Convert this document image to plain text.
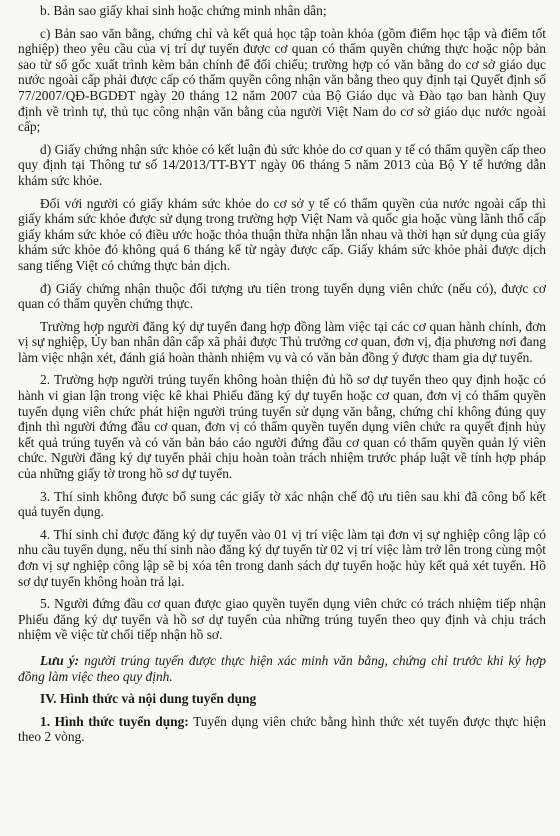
b. Bản sao giấy khai sinh hoặc chứng minh nhân dân;

c) Bản sao văn bằng, chứng chỉ và kết quả học tập toàn khóa (gồm điểm học tập và điểm tốt nghiệp) theo yêu cầu của vị trí dự tuyển được cơ quan có thẩm quyền chứng thực hoặc nộp bản sao từ sổ gốc xuất trình kèm bản chính để đối chiếu; trường hợp có văn bằng do cơ sở giáo dục nước ngoài cấp phải được cấp có thẩm quyền công nhận văn bằng theo quy định tại Quyết định số 77/2007/QĐ-BGDĐT ngày 20 tháng 12 năm 2007 của Bộ Giáo dục và Đào tạo ban hành Quy định về trình tự, thủ tục công nhận văn bằng của người Việt Nam do cơ sở giáo dục nước ngoài cấp;

d) Giấy chứng nhận sức khỏe có kết luận đủ sức khỏe do cơ quan y tế có thẩm quyền cấp theo quy định tại Thông tư số 14/2013/TT-BYT ngày 06 tháng 5 năm 2013 của Bộ Y tế hướng dẫn khám sức khỏe.

Đối với người có giấy khám sức khỏe do cơ sở y tế có thẩm quyền của nước ngoài cấp thì giấy khám sức khỏe được sử dụng trong trường hợp Việt Nam và quốc gia hoặc vùng lãnh thổ cấp giấy khám sức khỏe có điều ước hoặc thỏa thuận thừa nhận lẫn nhau và thời hạn sử dụng của giấy khám sức khỏe đó không quá 6 tháng kể từ ngày được cấp. Giấy khám sức khỏe phải được dịch sang tiếng Việt có chứng thực bản dịch.

đ) Giấy chứng nhận thuộc đối tượng ưu tiên trong tuyển dụng viên chức (nếu có), được cơ quan có thẩm quyền chứng thực.

Trường hợp người đăng ký dự tuyển đang hợp đồng làm việc tại các cơ quan hành chính, đơn vị sự nghiệp, Ủy ban nhân dân cấp xã phải được Thủ trưởng cơ quan, đơn vị, địa phương nơi đang làm việc nhận xét, đánh giá hoàn thành nhiệm vụ và có văn bản đồng ý được tham gia dự tuyển.

2. Trường hợp người trúng tuyển không hoàn thiện đủ hồ sơ dự tuyển theo quy định hoặc có hành vi gian lận trong việc kê khai Phiếu đăng ký dự tuyển hoặc cơ quan, đơn vị có thẩm quyền tuyển dụng viên chức phát hiện người trúng tuyển sử dụng văn bằng, chứng chỉ không đúng quy định thì người đứng đầu cơ quan, đơn vị có thẩm quyền tuyển dụng viên chức ra quyết định hủy kết quả trúng tuyển và có văn bản báo cáo người đứng đầu cơ quan có thẩm quyền quản lý viên chức. Người đăng ký dự tuyển phải chịu hoàn toàn trách nhiệm trước pháp luật về tính hợp pháp của những giấy tờ trong hồ sơ dự tuyển.

3. Thí sinh không được bổ sung các giấy tờ xác nhận chế độ ưu tiên sau khi đã công bố kết quả tuyển dụng.

4. Thí sinh chỉ được đăng ký dự tuyển vào 01 vị trí việc làm tại đơn vị sự nghiệp công lập có nhu cầu tuyển dụng, nếu thí sinh nào đăng ký dự tuyển từ 02 vị trí việc làm trở lên trong cùng một đơn vị sự nghiệp công lập sẽ bị xóa tên trong danh sách dự tuyển hoặc hủy kết quả xét tuyển. Hồ sơ dự tuyển không hoàn trả lại.

5. Người đứng đầu cơ quan được giao quyền tuyển dụng viên chức có trách nhiệm tiếp nhận Phiếu đăng ký dự tuyển và hồ sơ dự tuyển của những trúng tuyển theo quy định và chịu trách nhiệm về việc từ chối tiếp nhận hồ sơ.

Lưu ý: người trúng tuyển được thực hiện xác minh văn bằng, chứng chỉ trước khi ký hợp đồng làm việc theo quy định.

IV. Hình thức và nội dung tuyển dụng

1. Hình thức tuyển dụng: Tuyển dụng viên chức bằng hình thức xét tuyển được thực hiện theo 2 vòng.
